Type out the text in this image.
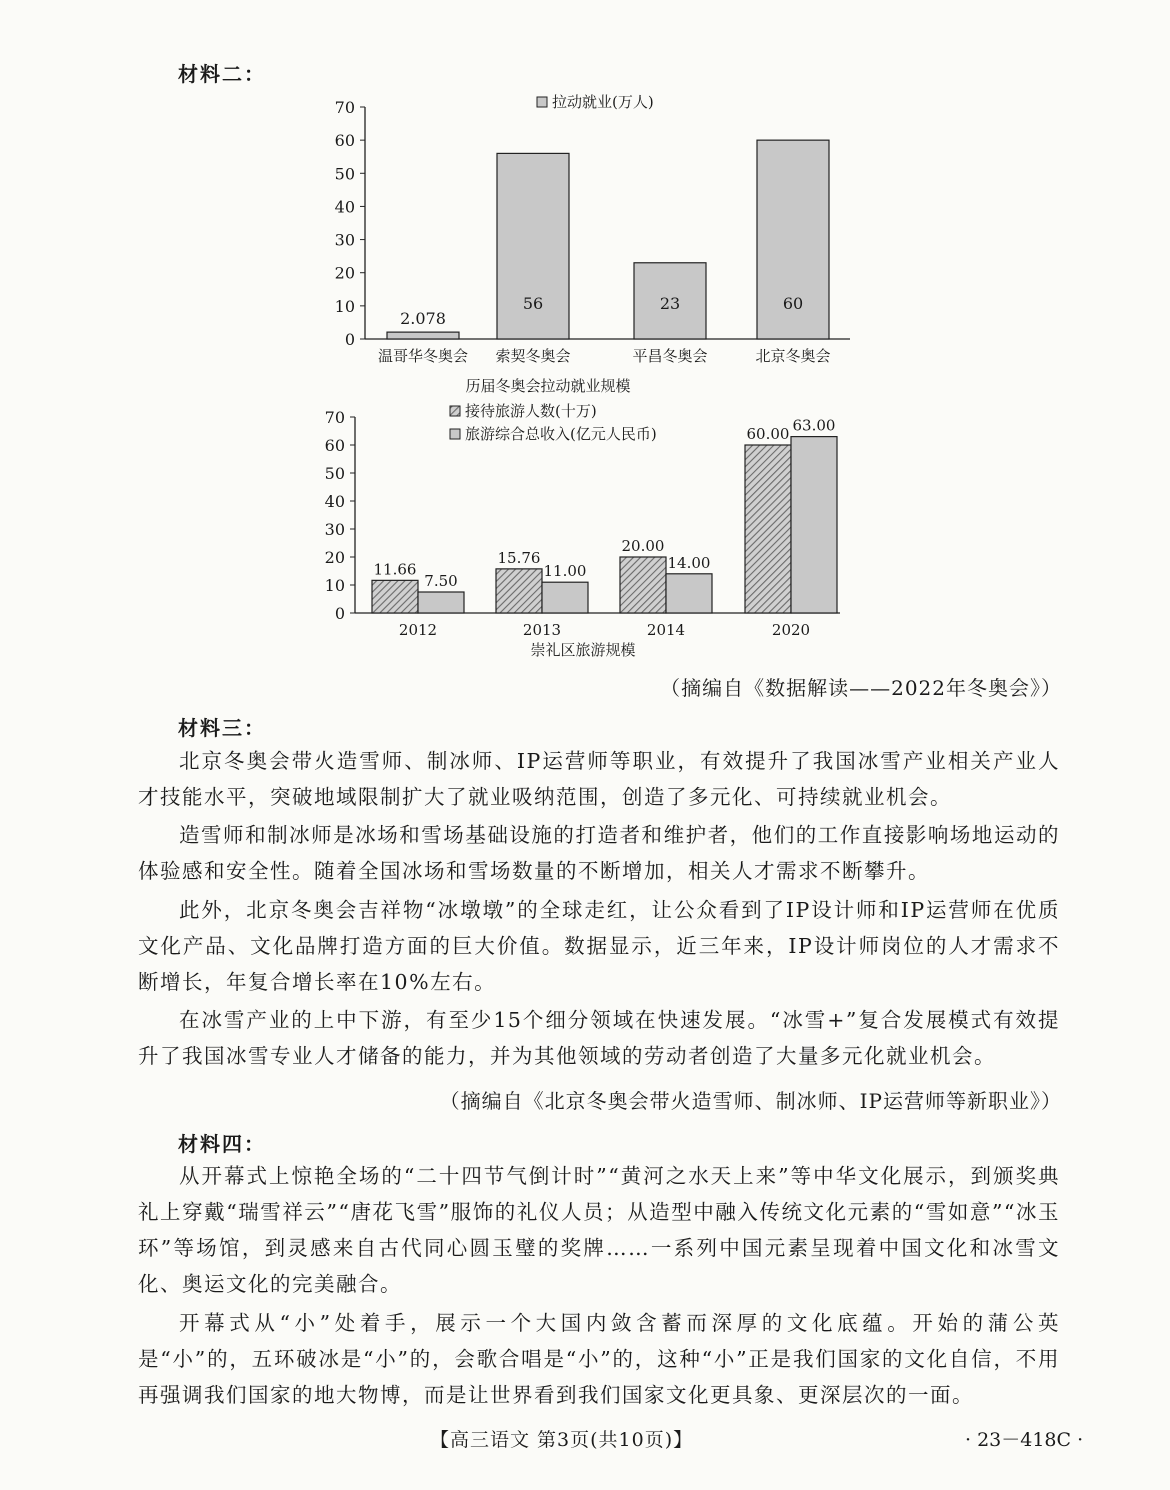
材料二：
0
10
20
30
40
50
60
70	拉动就业(万人)
2.078
温哥华冬奥会
56
索契冬奥会
23
平昌冬奥会
60
北京冬奥会
历届冬奥会拉动就业规模
0
10
20
30
40
50
60
70	接待旅游人数(十万)
旅游综合总收入(亿元人民币)
11.66
7.50
2012
15.76
11.00
2013
20.00
14.00
2014
60.00 63.00
2020
崇礼区旅游规模
（摘编自《数据解读——2022年冬奥会》）
材料三：
北京冬奥会带火造雪师、制冰师、IP运营师等职业，有效提升了我国冰雪产业相关产业人才技能水平，突破地域限制扩大了就业吸纳范围，创造了多元化、可持续就业机会。
造雪师和制冰师是冰场和雪场基础设施的打造者和维护者，他们的工作直接影响场地运动的体验感和安全性。随着全国冰场和雪场数量的不断增加，相关人才需求不断攀升。
此外，北京冬奥会吉祥物“冰墩墩”的全球走红，让公众看到了IP设计师和IP运营师在优质文化产品、文化品牌打造方面的巨大价值。数据显示，近三年来，IP设计师岗位的人才需求不断增长，年复合增长率在10%左右。
在冰雪产业的上中下游，有至少15个细分领域在快速发展。“冰雪+”复合发展模式有效提升了我国冰雪专业人才储备的能力，并为其他领域的劳动者创造了大量多元化就业机会。
（摘编自《北京冬奥会带火造雪师、制冰师、IP运营师等新职业》）
材料四：
从开幕式上惊艳全场的“二十四节气倒计时”“黄河之水天上来”等中华文化展示，到颁奖典礼上穿戴“瑞雪祥云”“唐花飞雪”服饰的礼仪人员；从造型中融入传统文化元素的“雪如意”“冰玉环”等场馆，到灵感来自古代同心圆玉璧的奖牌……一系列中国元素呈现着中国文化和冰雪文化、奥运文化的完美融合。
开幕式从“小”处着手，展示一个大国内敛含蓄而深厚的文化底蕴。开始的蒲公英是“小”的，五环破冰是“小”的，会歌合唱是“小”的，这种“小”正是我们国家的文化自信，不用再强调我们国家的地大物博，而是让世界看到我们国家文化更具象、更深层次的一面。
【高三语文 第3页(共10页)】	· 23－418C ·
